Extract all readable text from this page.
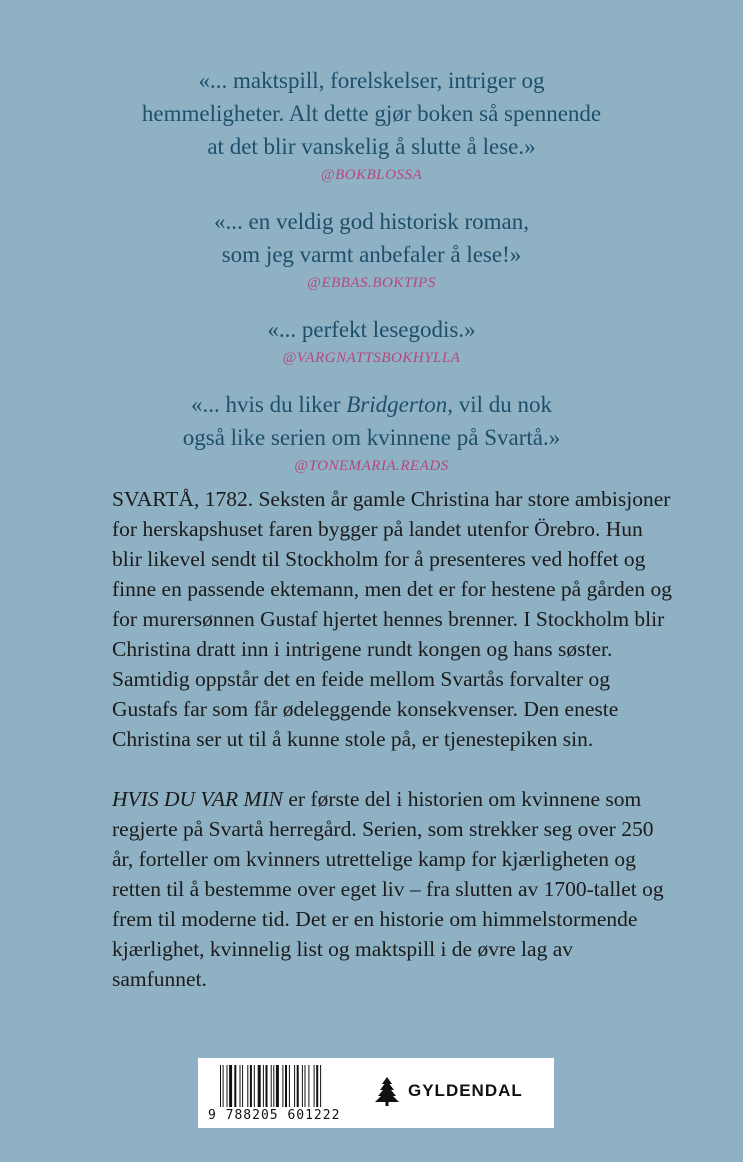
«... maktspill, forelskelser, intriger og
hemmeligheter. Alt dette gjør boken så spennende
at det blir vanskelig å slutte å lese.»
@BOKBLOSSA
«... en veldig god historisk roman,
som jeg varmt anbefaler å lese!»
@EBBAS.BOKTIPS
«... perfekt lesegodis.»
@VARGNATTSBOKHYLLA
«... hvis du liker Bridgerton, vil du nok
også like serien om kvinnene på Svartå.»
@TONEMARIA.READS

SVARTÅ, 1782. Seksten år gamle Christina har store ambisjoner for herskapshuset faren bygger på landet utenfor Örebro. Hun blir likevel sendt til Stockholm for å presenteres ved hoffet og finne en passende ektemann, men det er for hestene på gården og for murersønnen Gustaf hjertet hennes brenner. I Stockholm blir Christina dratt inn i intrigene rundt kongen og hans søster. Samtidig oppstår det en feide mellom Svartås forvalter og Gustafs far som får ødeleggende konsekvenser. Den eneste Christina ser ut til å kunne stole på, er tjenestepiken sin.

HVIS DU VAR MIN er første del i historien om kvinnene som regjerte på Svartå herregård. Serien, som strekker seg over 250 år, forteller om kvinners utrettelige kamp for kjærligheten og retten til å bestemme over eget liv – fra slutten av 1700-tallet og frem til moderne tid. Det er en historie om himmelstormende kjærlighet, kvinnelig list og maktspill i de øvre lag av samfunnet.

9 788205 601222
GYLDENDAL
